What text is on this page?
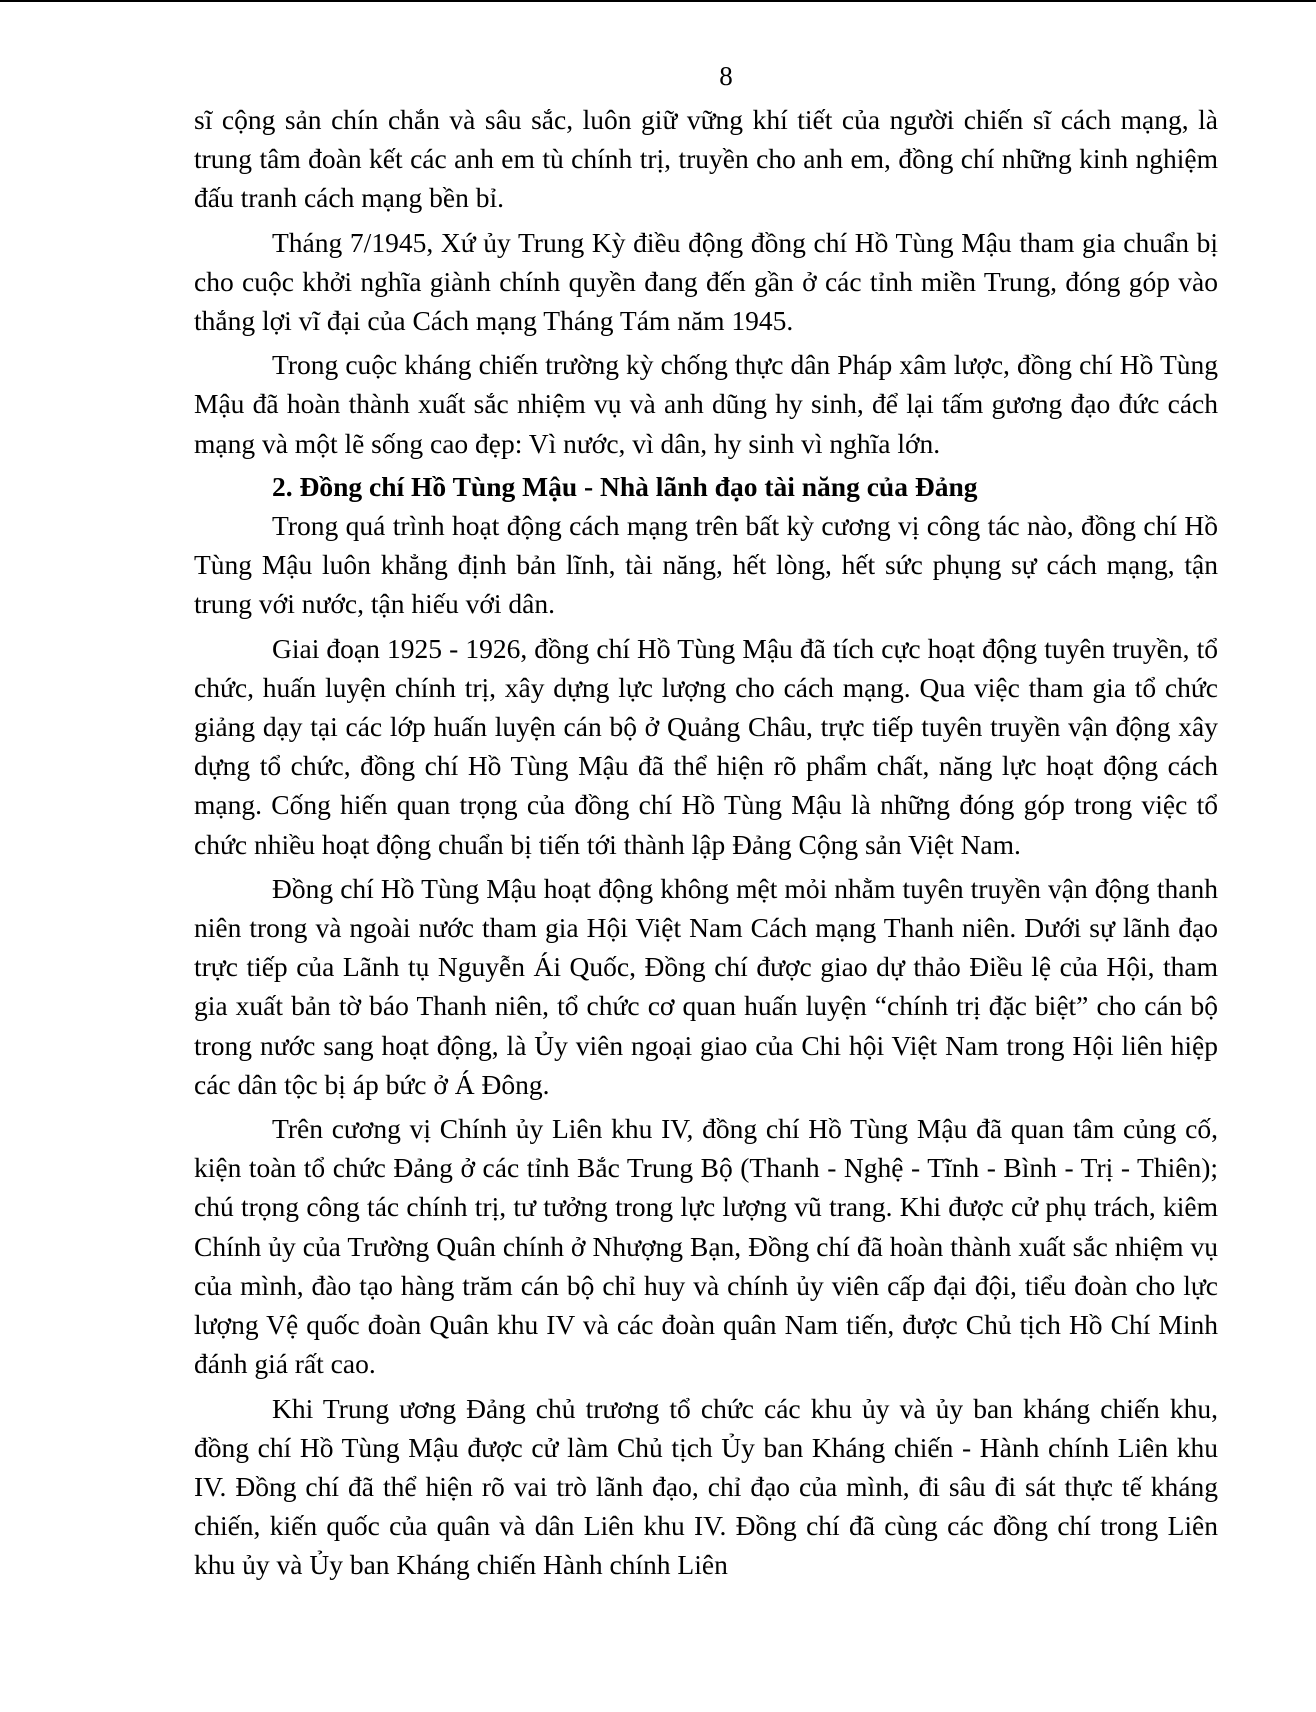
8

sĩ cộng sản chín chắn và sâu sắc, luôn giữ vững khí tiết của người chiến sĩ cách mạng, là trung tâm đoàn kết các anh em tù chính trị, truyền cho anh em, đồng chí những kinh nghiệm đấu tranh cách mạng bền bỉ.

Tháng 7/1945, Xứ ủy Trung Kỳ điều động đồng chí Hồ Tùng Mậu tham gia chuẩn bị cho cuộc khởi nghĩa giành chính quyền đang đến gần ở các tỉnh miền Trung, đóng góp vào thắng lợi vĩ đại của Cách mạng Tháng Tám năm 1945.

Trong cuộc kháng chiến trường kỳ chống thực dân Pháp xâm lược, đồng chí Hồ Tùng Mậu đã hoàn thành xuất sắc nhiệm vụ và anh dũng hy sinh, để lại tấm gương đạo đức cách mạng và một lẽ sống cao đẹp: Vì nước, vì dân, hy sinh vì nghĩa lớn.

2. Đồng chí Hồ Tùng Mậu - Nhà lãnh đạo tài năng của Đảng

Trong quá trình hoạt động cách mạng trên bất kỳ cương vị công tác nào, đồng chí Hồ Tùng Mậu luôn khẳng định bản lĩnh, tài năng, hết lòng, hết sức phụng sự cách mạng, tận trung với nước, tận hiếu với dân.

Giai đoạn 1925 - 1926, đồng chí Hồ Tùng Mậu đã tích cực hoạt động tuyên truyền, tổ chức, huấn luyện chính trị, xây dựng lực lượng cho cách mạng. Qua việc tham gia tổ chức giảng dạy tại các lớp huấn luyện cán bộ ở Quảng Châu, trực tiếp tuyên truyền vận động xây dựng tổ chức, đồng chí Hồ Tùng Mậu đã thể hiện rõ phẩm chất, năng lực hoạt động cách mạng. Cống hiến quan trọng của đồng chí Hồ Tùng Mậu là những đóng góp trong việc tổ chức nhiều hoạt động chuẩn bị tiến tới thành lập Đảng Cộng sản Việt Nam.

Đồng chí Hồ Tùng Mậu hoạt động không mệt mỏi nhằm tuyên truyền vận động thanh niên trong và ngoài nước tham gia Hội Việt Nam Cách mạng Thanh niên. Dưới sự lãnh đạo trực tiếp của Lãnh tụ Nguyễn Ái Quốc, Đồng chí được giao dự thảo Điều lệ của Hội, tham gia xuất bản tờ báo Thanh niên, tổ chức cơ quan huấn luyện “chính trị đặc biệt” cho cán bộ trong nước sang hoạt động, là Ủy viên ngoại giao của Chi hội Việt Nam trong Hội liên hiệp các dân tộc bị áp bức ở Á Đông.

Trên cương vị Chính ủy Liên khu IV, đồng chí Hồ Tùng Mậu đã quan tâm củng cố, kiện toàn tổ chức Đảng ở các tỉnh Bắc Trung Bộ (Thanh - Nghệ - Tĩnh - Bình - Trị - Thiên); chú trọng công tác chính trị, tư tưởng trong lực lượng vũ trang. Khi được cử phụ trách, kiêm Chính ủy của Trường Quân chính ở Nhượng Bạn, Đồng chí đã hoàn thành xuất sắc nhiệm vụ của mình, đào tạo hàng trăm cán bộ chỉ huy và chính ủy viên cấp đại đội, tiểu đoàn cho lực lượng Vệ quốc đoàn Quân khu IV và các đoàn quân Nam tiến, được Chủ tịch Hồ Chí Minh đánh giá rất cao.

Khi Trung ương Đảng chủ trương tổ chức các khu ủy và ủy ban kháng chiến khu, đồng chí Hồ Tùng Mậu được cử làm Chủ tịch Ủy ban Kháng chiến - Hành chính Liên khu IV. Đồng chí đã thể hiện rõ vai trò lãnh đạo, chỉ đạo của mình, đi sâu đi sát thực tế kháng chiến, kiến quốc của quân và dân Liên khu IV. Đồng chí đã cùng các đồng chí trong Liên khu ủy và Ủy ban Kháng chiến Hành chính Liên
